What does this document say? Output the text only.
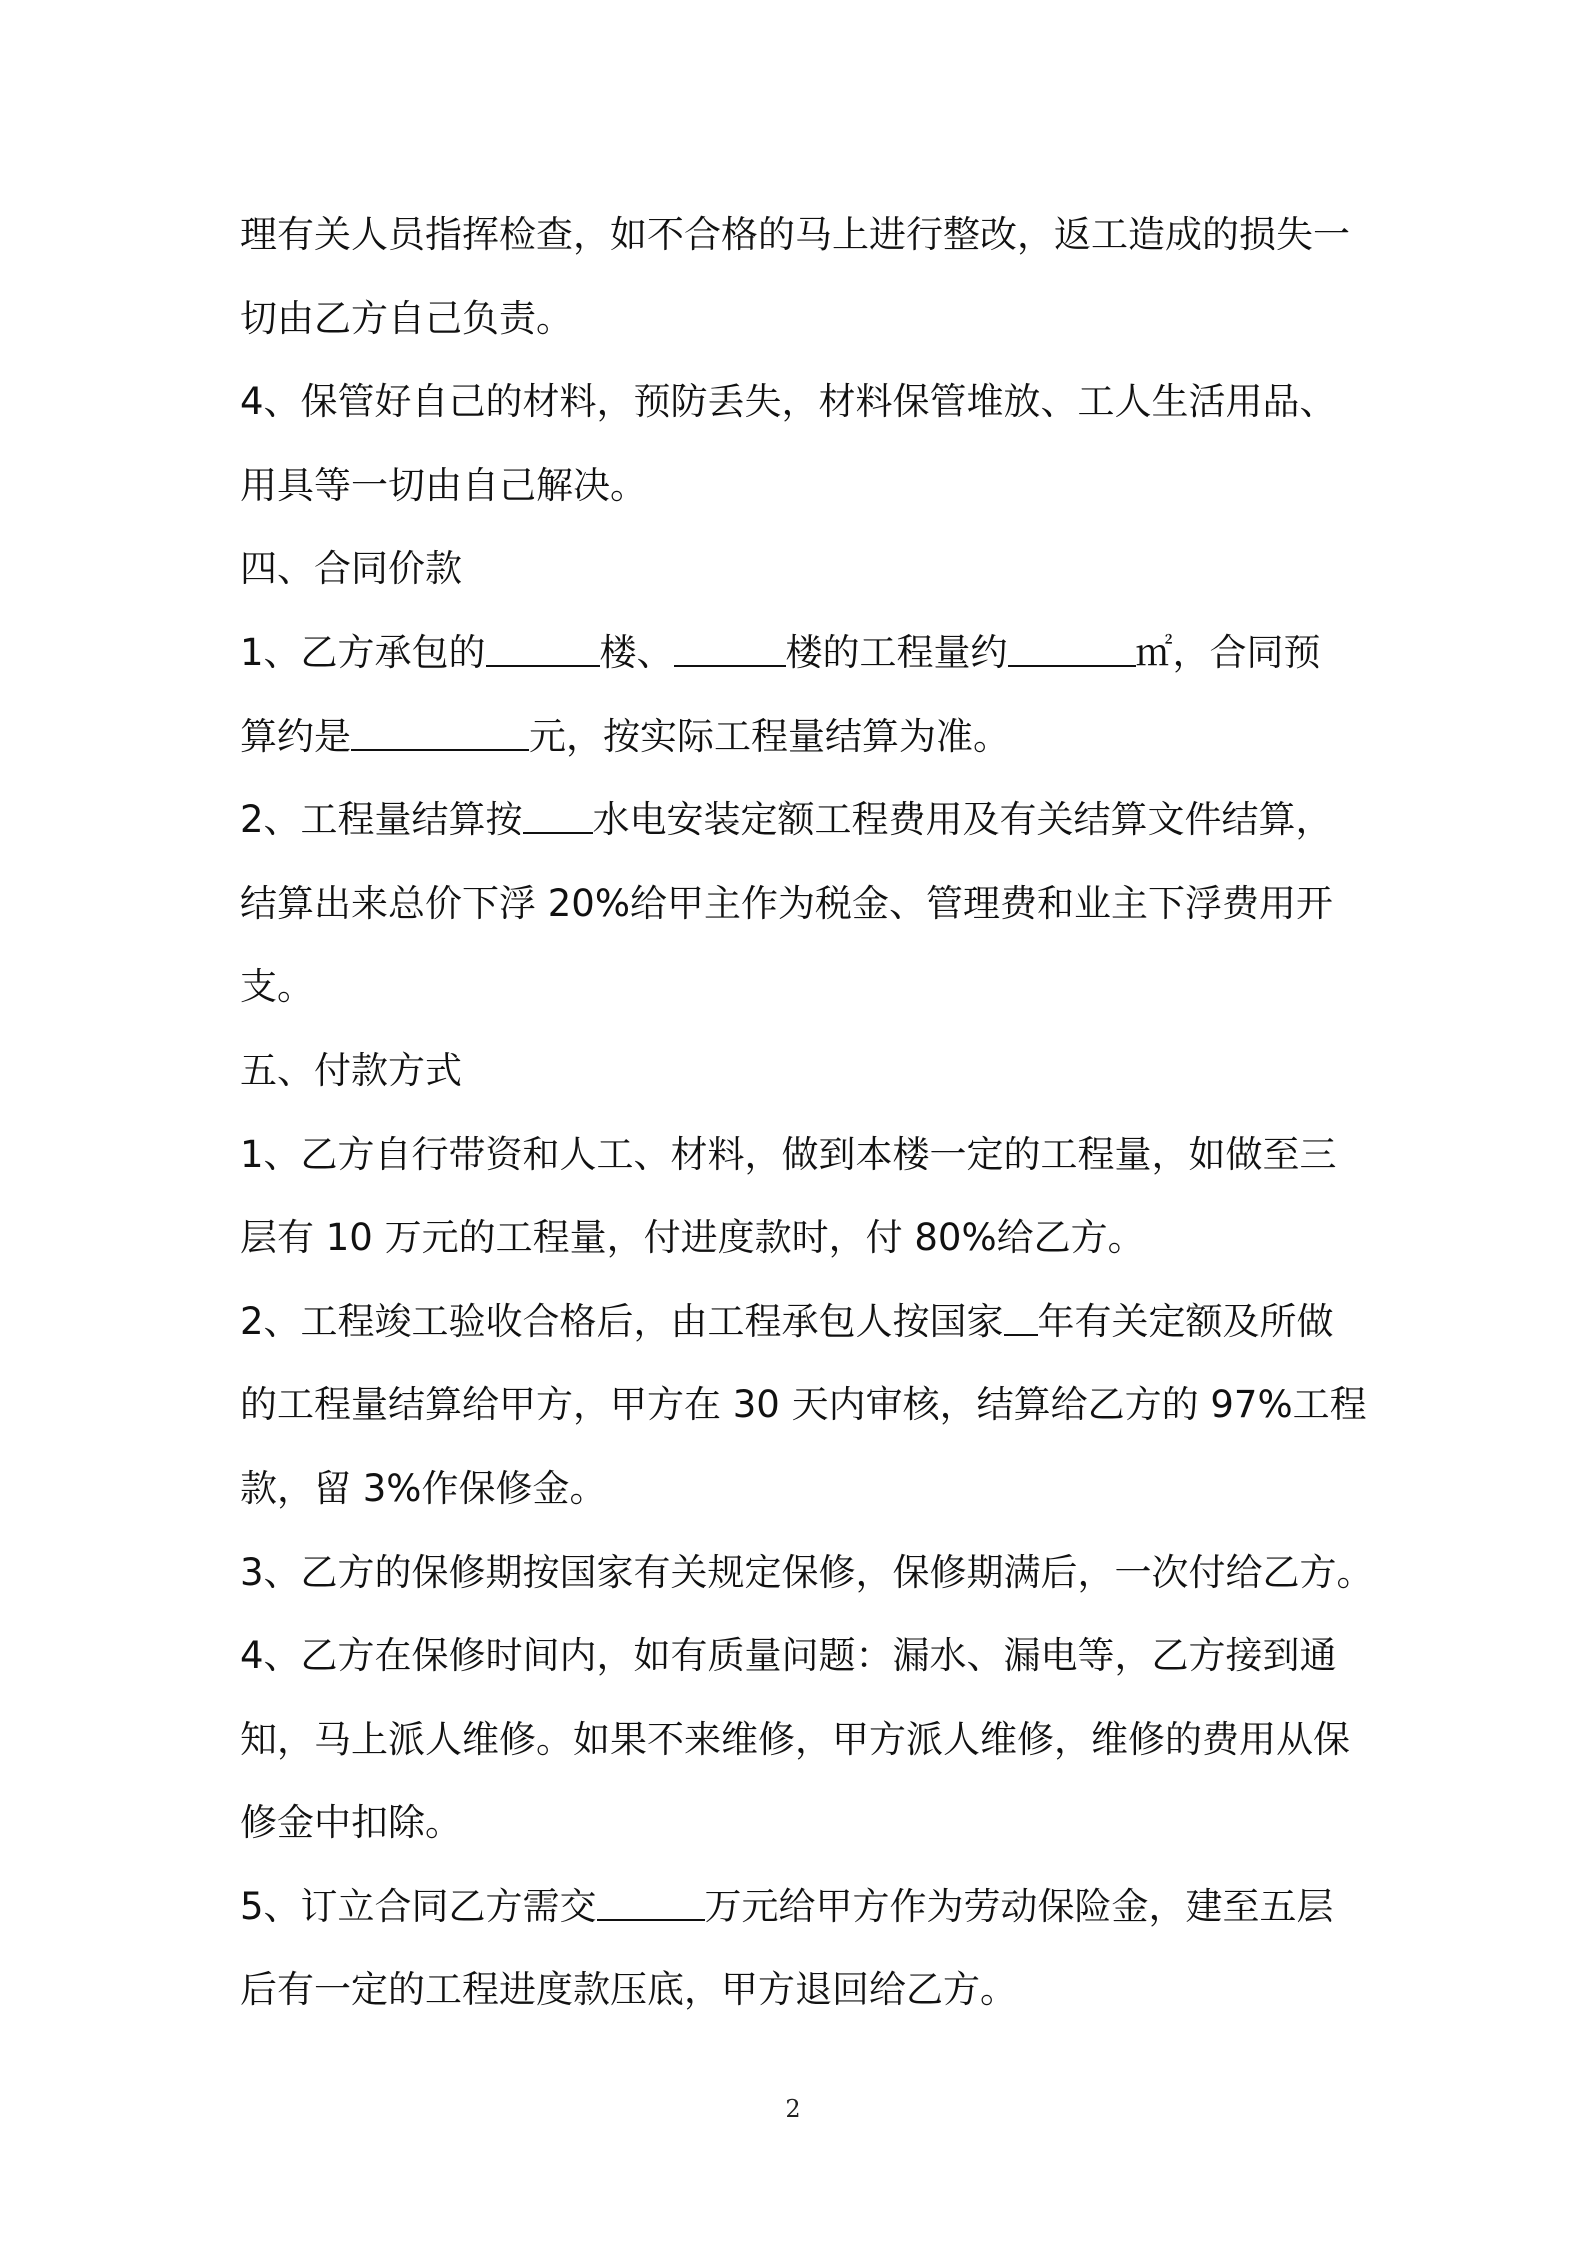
理有关人员指挥检查，如不合格的马上进行整改，返工造成的损失一
切由乙方自己负责。
4、保管好自己的材料，预防丢失，材料保管堆放、工人生活用品、
用具等一切由自己解决。
四、合同价款
1、乙方承包的	楼、	楼的工程量约	㎡，合同预
算约是	元，按实际工程量结算为准。
2、工程量结算按 水电安装定额工程费用及有关结算文件结算，
结算出来总价下浮 20%给甲主作为税金、管理费和业主下浮费用开
支。
五、付款方式
1、乙方自行带资和人工、材料，做到本楼一定的工程量，如做至三
层有 10 万元的工程量，付进度款时，付 80%给乙方。
2、工程竣工验收合格后，由工程承包人按国家 年有关定额及所做
的工程量结算给甲方，甲方在 30 天内审核，结算给乙方的 97%工程
款，留 3%作保修金。
3、乙方的保修期按国家有关规定保修，保修期满后，一次付给乙方。
4、乙方在保修时间内，如有质量问题：漏水、漏电等，乙方接到通
知，马上派人维修。如果不来维修，甲方派人维修，维修的费用从保
修金中扣除。
5、订立合同乙方需交	万元给甲方作为劳动保险金，建至五层
后有一定的工程进度款压底，甲方退回给乙方。
2
